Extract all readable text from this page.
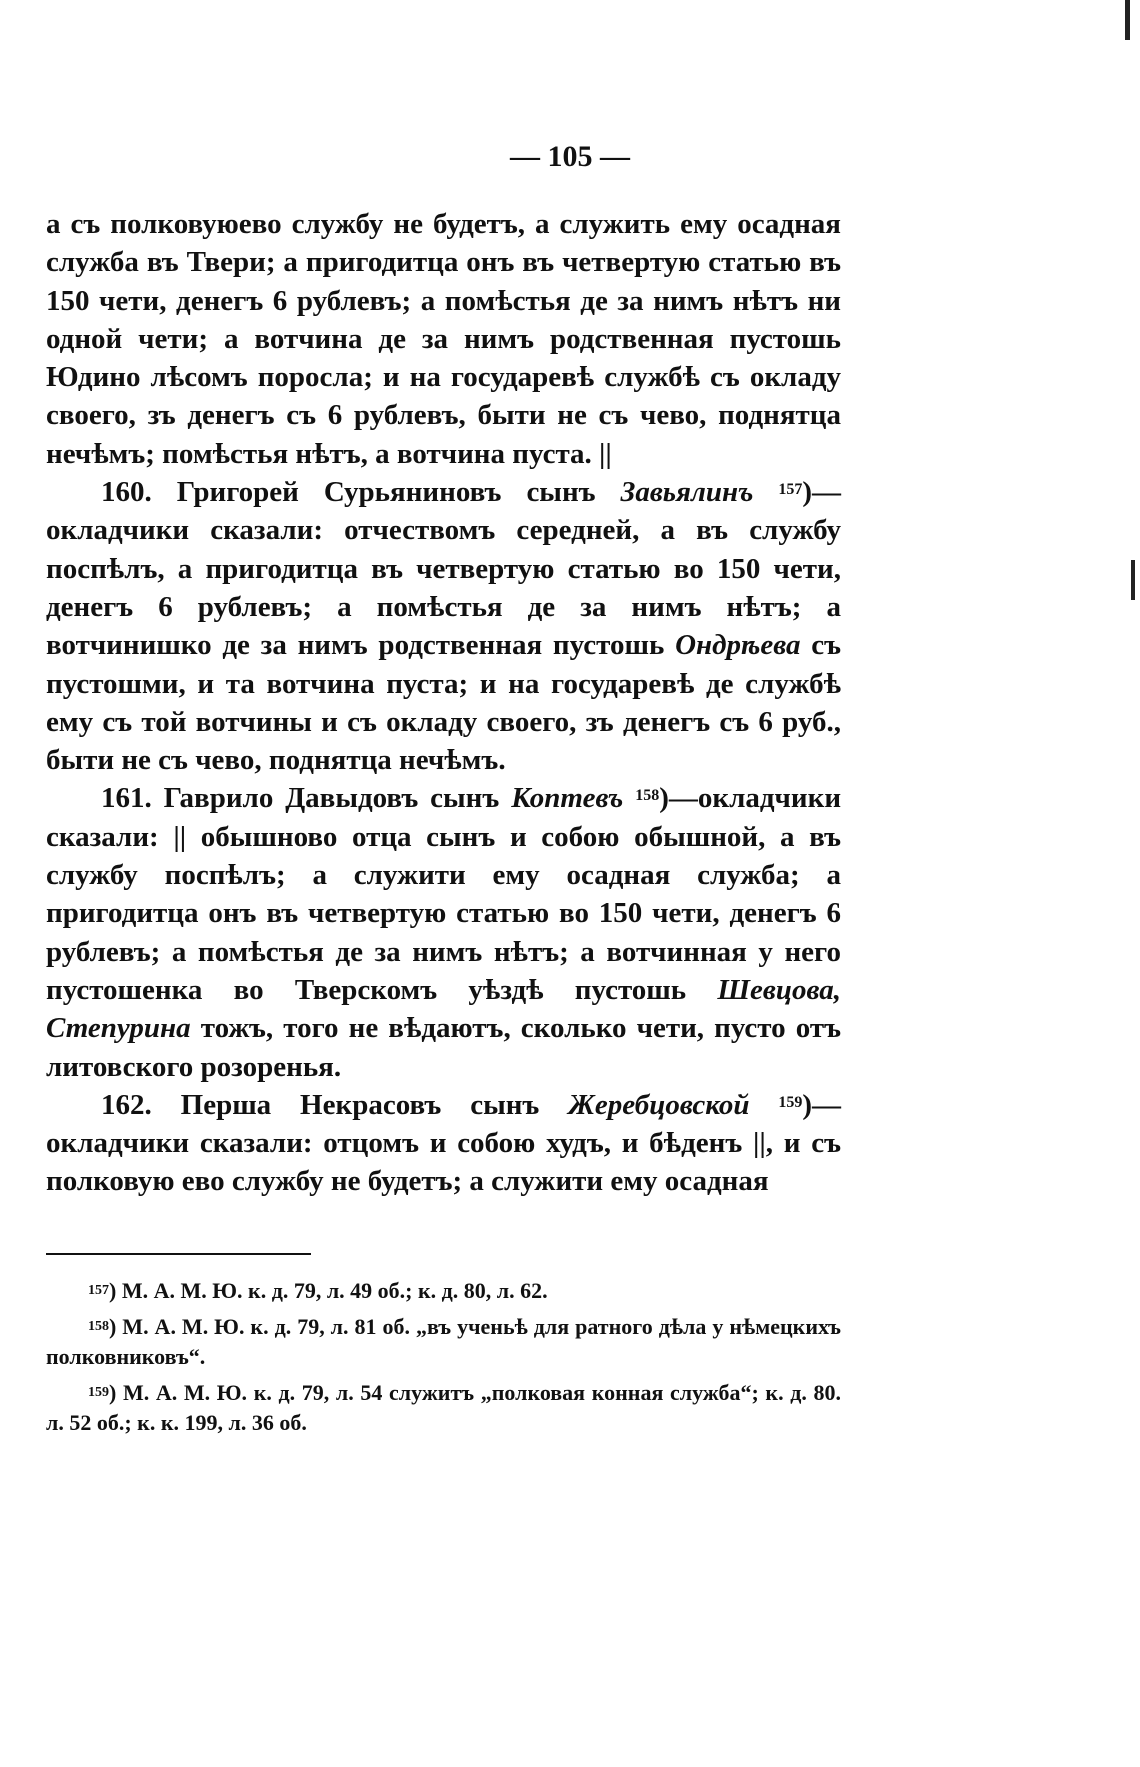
— 105 —

а съ полковуюево службу не будетъ, а служить ему осадная служба въ Твери; а пригодитца онъ въ четвертую статью въ 150 чети, денегъ 6 рублевъ; а помѣстья де за нимъ нѣтъ ни одной чети; а вотчина де за нимъ родственная пустошь Юдино лѣсомъ поросла; и на государевѣ службѣ съ окладу своего, зъ денегъ съ 6 рублевъ, быти не съ чево, поднятца нечѣмъ; помѣстья нѣтъ, а вотчина пуста. ||

160. Григорей Сурьяниновъ сынъ Завьялинъ $^{157}$)—окладчики сказали: отчествомъ середней, а въ службу поспѣлъ, а пригодитца въ четвертую статью во 150 чети, денегъ 6 рублевъ; а помѣстья де за нимъ нѣтъ; а вотчинишко де за нимъ родственная пустошь Ондрѣева съ пустошми, и та вотчина пуста; и на государевѣ де службѣ ему съ той вотчины и съ окладу своего, зъ денегъ съ 6 руб., быти не съ чево, поднятца нечѣмъ.

161. Гаврило Давыдовъ сынъ Коптевъ $^{158}$)—окладчики сказали: || обышново отца сынъ и собою обышной, а въ службу поспѣлъ; а служити ему осадная служба; а пригодитца онъ въ четвертую статью во 150 чети, денегъ 6 рублевъ; а помѣстья де за нимъ нѣтъ; а вотчинная у него пустошенка во Тверскомъ уѣздѣ пустошь Шевцова, Степурина тожъ, того не вѣдаютъ, сколько чети, пусто отъ литовского розоренья.

162. Перша Некрасовъ сынъ Жеребцовской $^{159}$)—окладчики сказали: отцомъ и собою худъ, и бѣденъ ||, и съ полковую ево службу не будетъ; а служити ему осадная

$^{157}$) М. А. М. Ю. к. д. 79, л. 49 об.; к. д. 80, л. 62.

$^{158}$) М. А. М. Ю. к. д. 79, л. 81 об. „въ ученьѣ для ратного дѣла у нѣмецкихъ полковниковъ“.

$^{159}$) М. А. М. Ю. к. д. 79, л. 54 служитъ „полковая конная служба“; к. д. 80. л. 52 об.; к. к. 199, л. 36 об.
